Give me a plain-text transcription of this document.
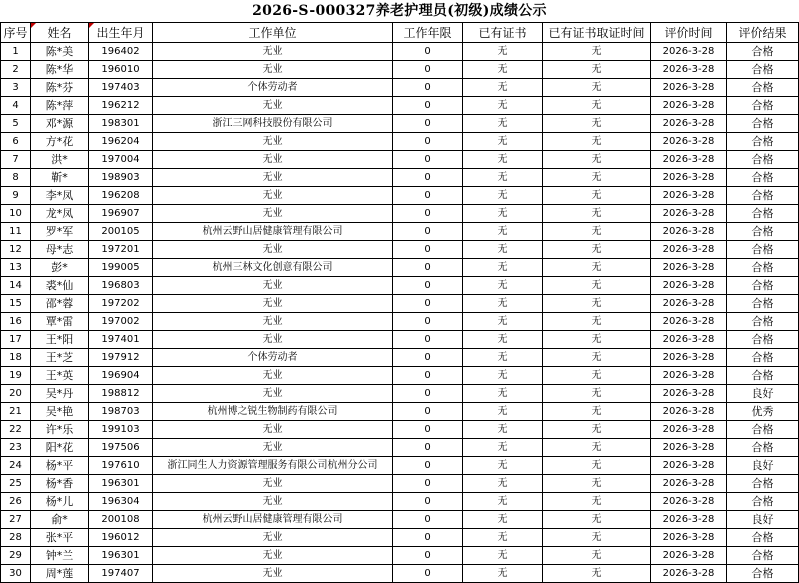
2026-S-000327养老护理员(初级)成绩公示
序号	姓名	出生年月	工作单位	工作年限	已有证书	已有证书取证时间	评价时间	评价结果
1	陈*美	196402	无业	0	无	无	2026-3-28	合格
2	陈*华	196010	无业	0	无	无	2026-3-28	合格
3	陈*芬	197403	个体劳动者	0	无	无	2026-3-28	合格
4	陈*萍	196212	无业	0	无	无	2026-3-28	合格
5	邓*源	198301	浙江三网科技股份有限公司	0	无	无	2026-3-28	合格
6	方*花	196204	无业	0	无	无	2026-3-28	合格
7	洪*	197004	无业	0	无	无	2026-3-28	合格
8	靳*	198903	无业	0	无	无	2026-3-28	合格
9	李*凤	196208	无业	0	无	无	2026-3-28	合格
10	龙*凤	196907	无业	0	无	无	2026-3-28	合格
11	罗*军	200105	杭州云野山居健康管理有限公司	0	无	无	2026-3-28	合格
12	母*志	197201	无业	0	无	无	2026-3-28	合格
13	彭*	199005	杭州三林文化创意有限公司	0	无	无	2026-3-28	合格
14	裘*仙	196803	无业	0	无	无	2026-3-28	合格
15	邵*蓉	197202	无业	0	无	无	2026-3-28	合格
16	覃*雷	197002	无业	0	无	无	2026-3-28	合格
17	王*阳	197401	无业	0	无	无	2026-3-28	合格
18	王*芝	197912	个体劳动者	0	无	无	2026-3-28	合格
19	王*英	196904	无业	0	无	无	2026-3-28	合格
20	吴*丹	198812	无业	0	无	无	2026-3-28	良好
21	吴*艳	198703	杭州博之锐生物制药有限公司	0	无	无	2026-3-28	优秀
22	许*乐	199103	无业	0	无	无	2026-3-28	合格
23	阳*花	197506	无业	0	无	无	2026-3-28	合格
24	杨*平	197610	浙江同生人力资源管理服务有限公司杭州分公司	0	无	无	2026-3-28	良好
25	杨*香	196301	无业	0	无	无	2026-3-28	合格
26	杨*儿	196304	无业	0	无	无	2026-3-28	合格
27	俞*	200108	杭州云野山居健康管理有限公司	0	无	无	2026-3-28	良好
28	张*平	196012	无业	0	无	无	2026-3-28	合格
29	钟*兰	196301	无业	0	无	无	2026-3-28	合格
30	周*莲	197407	无业	0	无	无	2026-3-28	合格
